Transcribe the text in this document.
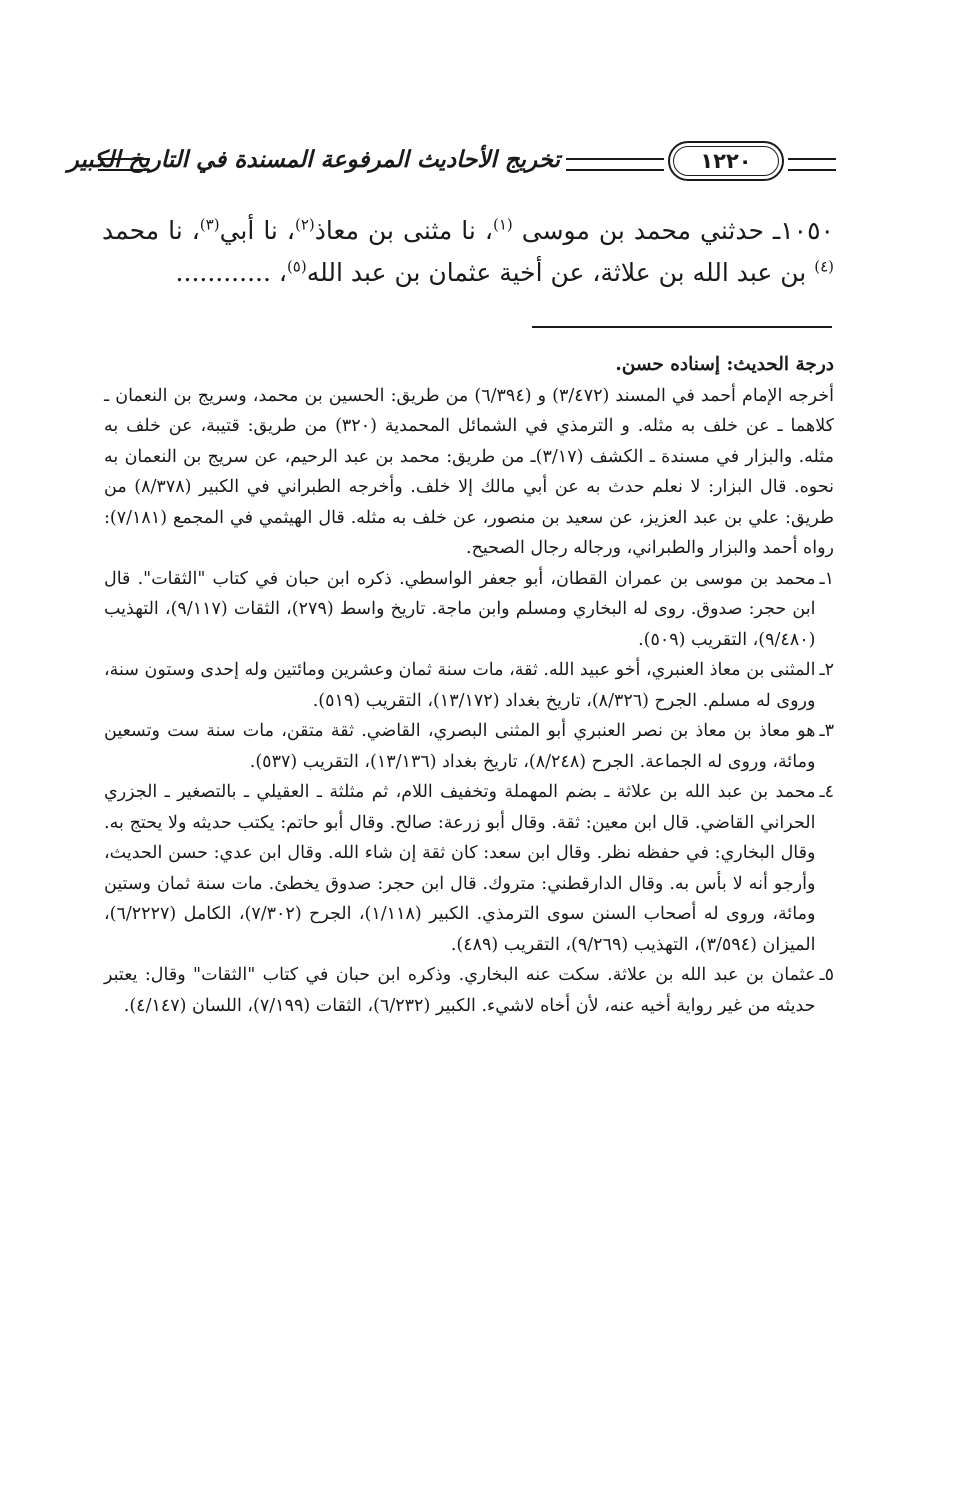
تخريج الأحاديث المرفوعة المسندة في التاريخ الكبير	١٢٢٠

١٠٥٠ـ حدثني محمد بن موسى $^{(١)}$، نا مثنى بن معاذ$^{(٢)}$، نا أبي$^{(٣)}$، نا محمد $^{(٤)}$ بن عبد الله بن علاثة، عن أخية عثمان بن عبد الله$^{(٥)}$، ............

درجة الحديث: إسناده حسن.

أخرجه الإمام أحمد في المسند (٣/٤٧٢) و (٦/٣٩٤) من طريق: الحسين بن محمد، وسريج بن النعمان ـ كلاهما ـ عن خلف به مثله. و الترمذي في الشمائل المحمدية (٣٢٠) من طريق: قتيبة، عن خلف به مثله. والبزار في مسندة ـ الكشف (٣/١٧)ـ من طريق: محمد بن عبد الرحيم، عن سريج بن النعمان به نحوه. قال البزار: لا نعلم حدث به عن أبي مالك إلا خلف. وأخرجه الطبراني في الكبير (٨/٣٧٨) من طريق: علي بن عبد العزيز، عن سعيد بن منصور، عن خلف به مثله. قال الهيثمي في المجمع (٧/١٨١): رواه أحمد والبزار والطبراني، ورجاله رجال الصحيح.

١ـ
محمد بن موسى بن عمران القطان، أبو جعفر الواسطي. ذكره ابن حبان في كتاب "الثقات". قال ابن حجر: صدوق. روى له البخاري ومسلم وابن ماجة. تاريخ واسط (٢٧٩)، الثقات (٩/١١٧)، التهذيب (٩/٤٨٠)، التقريب (٥٠٩).
٢ـ
المثنى بن معاذ العنبري، أخو عبيد الله. ثقة، مات سنة ثمان وعشرين ومائتين وله إحدى وستون سنة، وروى له مسلم. الجرح (٨/٣٢٦)، تاريخ بغداد (١٣/١٧٢)، التقريب (٥١٩).
٣ـ
هو معاذ بن معاذ بن نصر العنبري أبو المثنى البصري، القاضي. ثقة متقن، مات سنة ست وتسعين ومائة، وروى له الجماعة. الجرح (٨/٢٤٨)، تاريخ بغداد (١٣/١٣٦)، التقريب (٥٣٧).
٤ـ
محمد بن عبد الله بن علاثة ـ بضم المهملة وتخفيف اللام، ثم مثلثة ـ العقيلي ـ بالتصغير ـ الجزري الحراني القاضي. قال ابن معين: ثقة. وقال أبو زرعة: صالح. وقال أبو حاتم: يكتب حديثه ولا يحتج به. وقال البخاري: في حفظه نظر. وقال ابن سعد: كان ثقة إن شاء الله. وقال ابن عدي: حسن الحديث، وأرجو أنه لا بأس به. وقال الدارقطني: متروك. قال ابن حجر: صدوق يخطئ. مات سنة ثمان وستين ومائة، وروى له أصحاب السنن سوى الترمذي. الكبير (١/١١٨)، الجرح (٧/٣٠٢)، الكامل (٦/٢٢٢٧)، الميزان (٣/٥٩٤)، التهذيب (٩/٢٦٩)، التقريب (٤٨٩).
٥ـ
عثمان بن عبد الله بن علاثة. سكت عنه البخاري. وذكره ابن حبان في كتاب "الثقات" وقال: يعتبر حديثه من غير رواية أخيه عنه، لأن أخاه لاشيء. الكبير (٦/٢٣٢)، الثقات (٧/١٩٩)، اللسان (٤/١٤٧).
